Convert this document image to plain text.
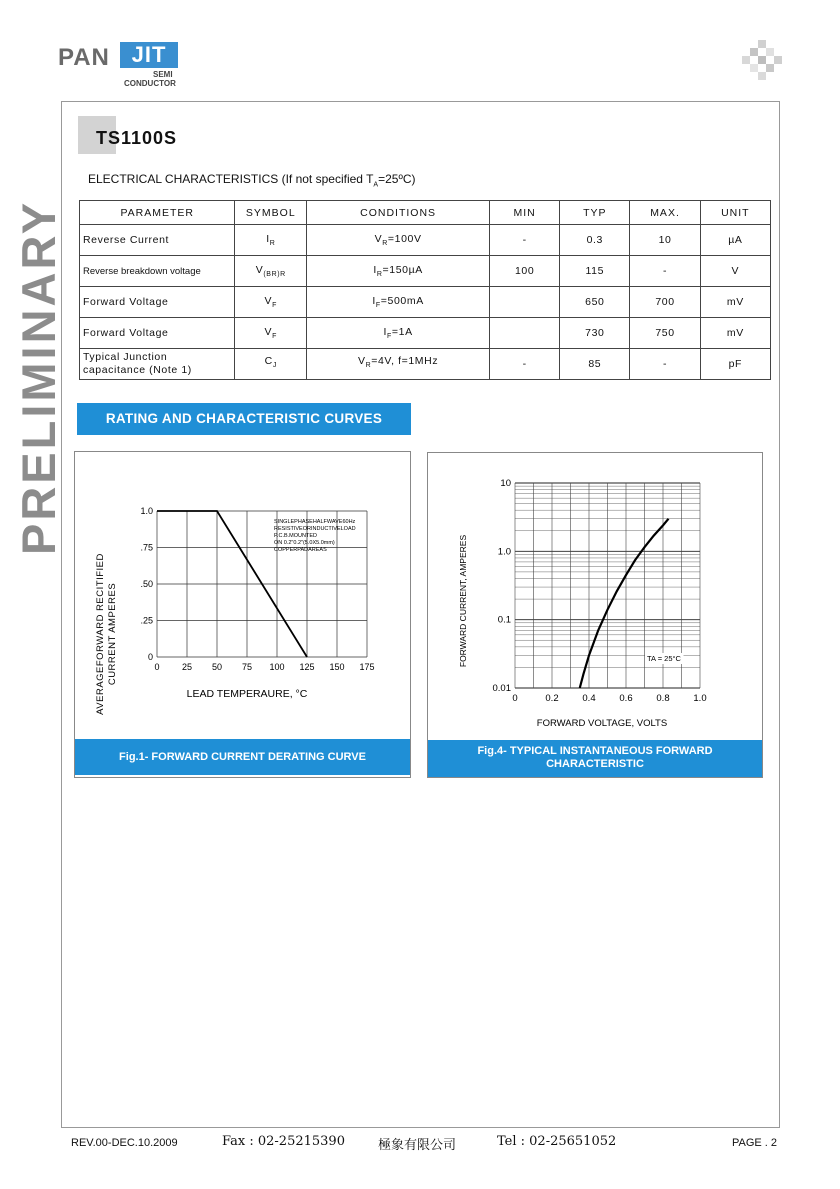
PAN JIT
SEMI
CONDUCTOR
PRELIMINARY
TS1100S
ELECTRICAL CHARACTERISTICS (If not specified $T_A=25ºC$)
PARAMETER	SYMBOL	CONDITIONS	MIN	TYP	MAX.	UNIT
Reverse Current	$I_R$	$V_R=100V$	-	0.3	10	µA
Reverse breakdown voltage	$V_{(BR)R}$	$I_R=150\mu A$	100	115	-	V
Forward Voltage	$V_F$	$I_F=500mA$		650	700	mV
Forward Voltage	$V_F$	$I_F=1A$		730	750	mV
Typical Junction
capacitance (Note 1)	$C_J$	$V_R=4V$, f=1MHz	-	85	-	pF
RATING AND CHARACTERISTIC CURVES
0 25 50 75 100 125 150 175
0
.25
.50
.75
1.0
AVERAGEFORWARD RECITIFIED CURRENT AMPERES
LEAD TEMPERAURE, °C
SINGLEPHASEHALFWAVE60Hz
RESISTIVEORINDUCTIVELOAD
P.C.B.MOUNTED
ON 0.2"0.2"(5.0X5.0mm)
COPPERPADAREAS
Fig.1- FORWARD CURRENT DERATING CURVE
0	0.2	0.4	0.6	0.8	1.0
0.01
0.1
1.0
10
FORWARD CURRENT, AMPERES
FORWARD VOLTAGE, VOLTS
TA = 25°C
Fig.4- TYPICAL INSTANTANEOUS FORWARD
CHARACTERISTIC
REV.00-DEC.10.2009	Fax : 02-25215390	極象有限公司	Tel : 02-25651052	PAGE . 2
